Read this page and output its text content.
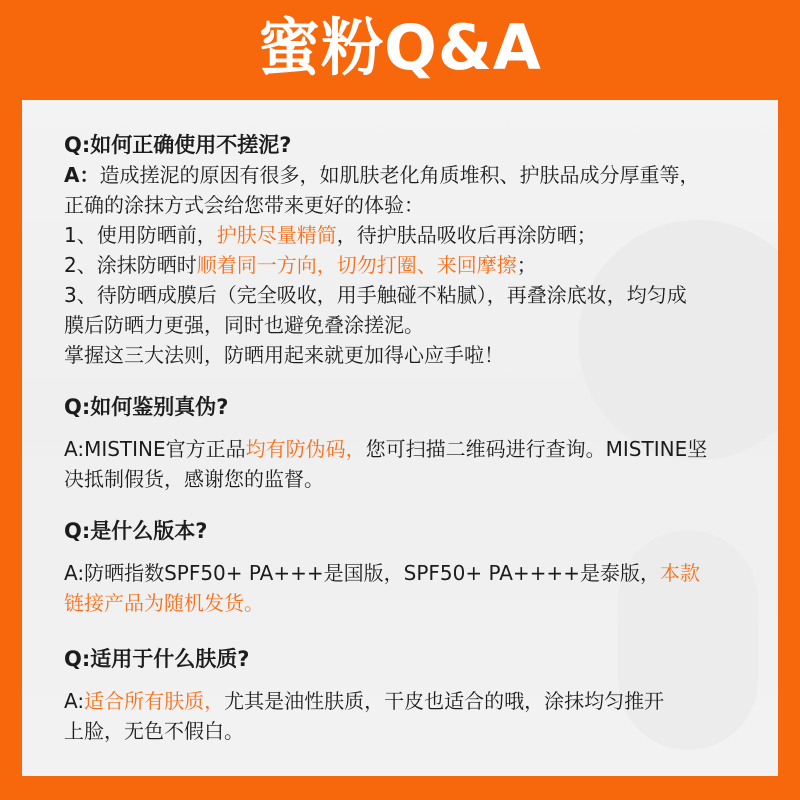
蜜粉Q&A
Q:如何正确使用不搓泥?
A：造成搓泥的原因有很多，如肌肤老化角质堆积、护肤品成分厚重等，
正确的涂抹方式会给您带来更好的体验：
1、使用防晒前，护肤尽量精简，待护肤品吸收后再涂防晒；
2、涂抹防晒时顺着同一方向，切勿打圈、来回摩擦；
3、待防晒成膜后（完全吸收，用手触碰不粘腻），再叠涂底妆，均匀成
膜后防晒力更强，同时也避免叠涂搓泥。
掌握这三大法则，防晒用起来就更加得心应手啦！
Q:如何鉴别真伪?
A:MISTINE官方正品均有防伪码，您可扫描二维码进行查询。MISTINE坚
决抵制假货，感谢您的监督。
Q:是什么版本?
A:防晒指数SPF50+ PA+++是国版，SPF50+ PA++++是泰版，本款
链接产品为随机发货。
Q:适用于什么肤质?
A:适合所有肤质，尤其是油性肤质，干皮也适合的哦，涂抹均匀推开
上脸，无色不假白。
